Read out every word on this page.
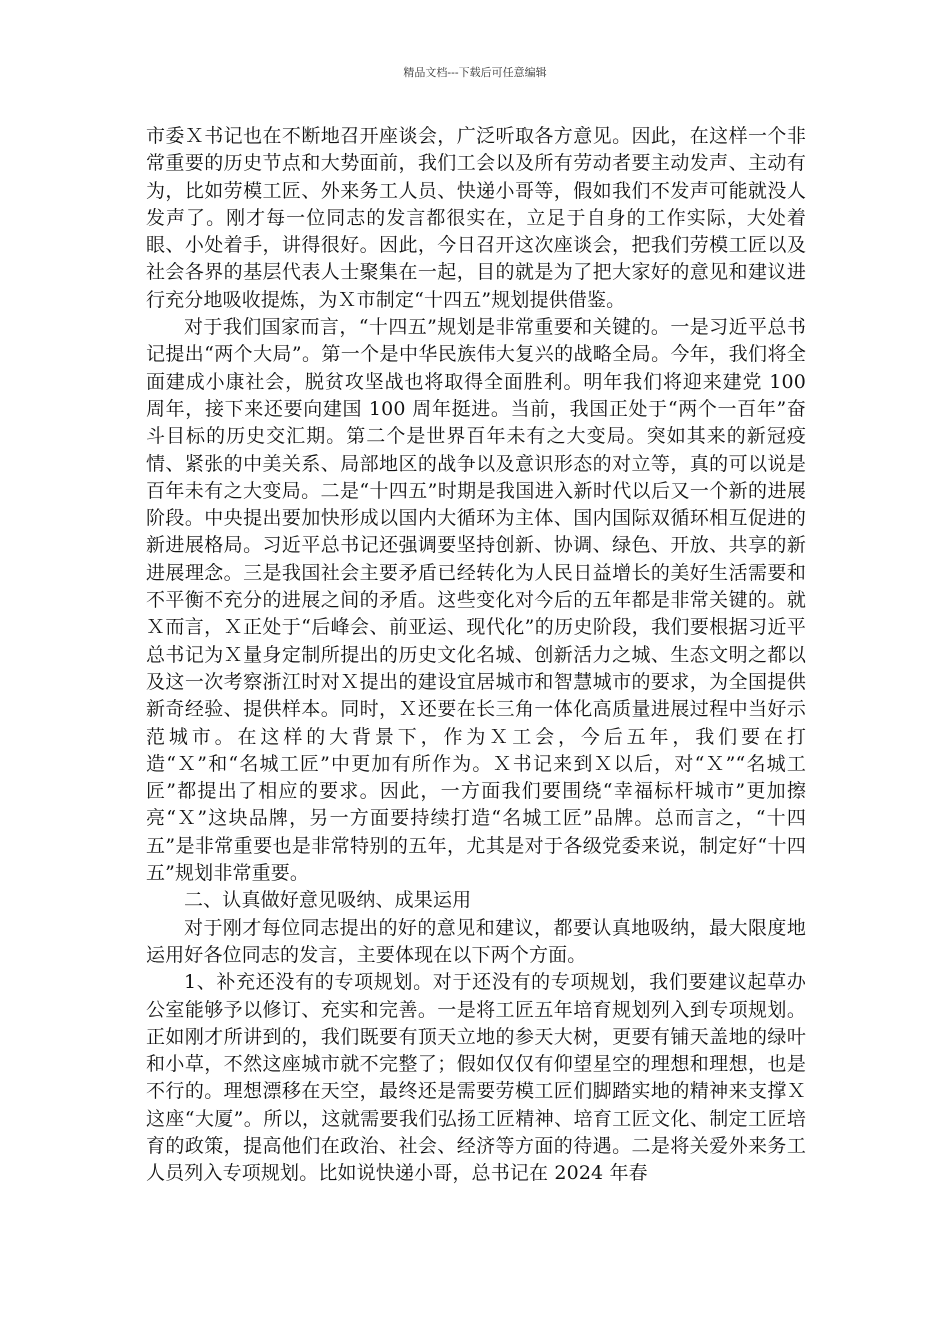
精品文档---下载后可任意编辑

市委Ｘ书记也在不断地召开座谈会，广泛听取各方意见。因此，在这样一个非常重要的历史节点和大势面前，我们工会以及所有劳动者要主动发声、主动有为，比如劳模工匠、外来务工人员、快递小哥等，假如我们不发声可能就没人发声了。刚才每一位同志的发言都很实在，立足于自身的工作实际，大处着眼、小处着手，讲得很好。因此，今日召开这次座谈会，把我们劳模工匠以及社会各界的基层代表人士聚集在一起，目的就是为了把大家好的意见和建议进行充分地吸收提炼，为Ｘ市制定“十四五”规划提供借鉴。

对于我们国家而言，“十四五”规划是非常重要和关键的。一是习近平总书记提出“两个大局”。第一个是中华民族伟大复兴的战略全局。今年，我们将全面建成小康社会，脱贫攻坚战也将取得全面胜利。明年我们将迎来建党 100 周年，接下来还要向建国 100 周年挺进。当前，我国正处于“两个一百年”奋斗目标的历史交汇期。第二个是世界百年未有之大变局。突如其来的新冠疫情、紧张的中美关系、局部地区的战争以及意识形态的对立等，真的可以说是百年未有之大变局。二是“十四五”时期是我国进入新时代以后又一个新的进展阶段。中央提出要加快形成以国内大循环为主体、国内国际双循环相互促进的新进展格局。习近平总书记还强调要坚持创新、协调、绿色、开放、共享的新进展理念。三是我国社会主要矛盾已经转化为人民日益增长的美好生活需要和不平衡不充分的进展之间的矛盾。这些变化对今后的五年都是非常关键的。就Ｘ而言，Ｘ正处于“后峰会、前亚运、现代化”的历史阶段，我们要根据习近平总书记为Ｘ量身定制所提出的历史文化名城、创新活力之城、生态文明之都以及这一次考察浙江时对Ｘ提出的建设宜居城市和智慧城市的要求，为全国提供新奇经验、提供样本。同时，Ｘ还要在长三角一体化高质量进展过程中当好示范城市。在这样的大背景下，作为Ｘ工会，今后五年，我们要在打造“Ｘ”和“名城工匠”中更加有所作为。Ｘ书记来到Ｘ以后，对“Ｘ”“名城工匠”都提出了相应的要求。因此，一方面我们要围绕“幸福标杆城市”更加擦亮“Ｘ”这块品牌，另一方面要持续打造“名城工匠”品牌。总而言之，“十四五”是非常重要也是非常特别的五年，尤其是对于各级党委来说，制定好“十四五”规划非常重要。

二、认真做好意见吸纳、成果运用

对于刚才每位同志提出的好的意见和建议，都要认真地吸纳，最大限度地运用好各位同志的发言，主要体现在以下两个方面。

1、补充还没有的专项规划。对于还没有的专项规划，我们要建议起草办公室能够予以修订、充实和完善。一是将工匠五年培育规划列入到专项规划。正如刚才所讲到的，我们既要有顶天立地的参天大树，更要有铺天盖地的绿叶和小草，不然这座城市就不完整了；假如仅仅有仰望星空的理想和理想，也是不行的。理想漂移在天空，最终还是需要劳模工匠们脚踏实地的精神来支撑Ｘ这座“大厦”。所以，这就需要我们弘扬工匠精神、培育工匠文化、制定工匠培育的政策，提高他们在政治、社会、经济等方面的待遇。二是将关爱外来务工人员列入专项规划。比如说快递小哥，总书记在 2024 年春
